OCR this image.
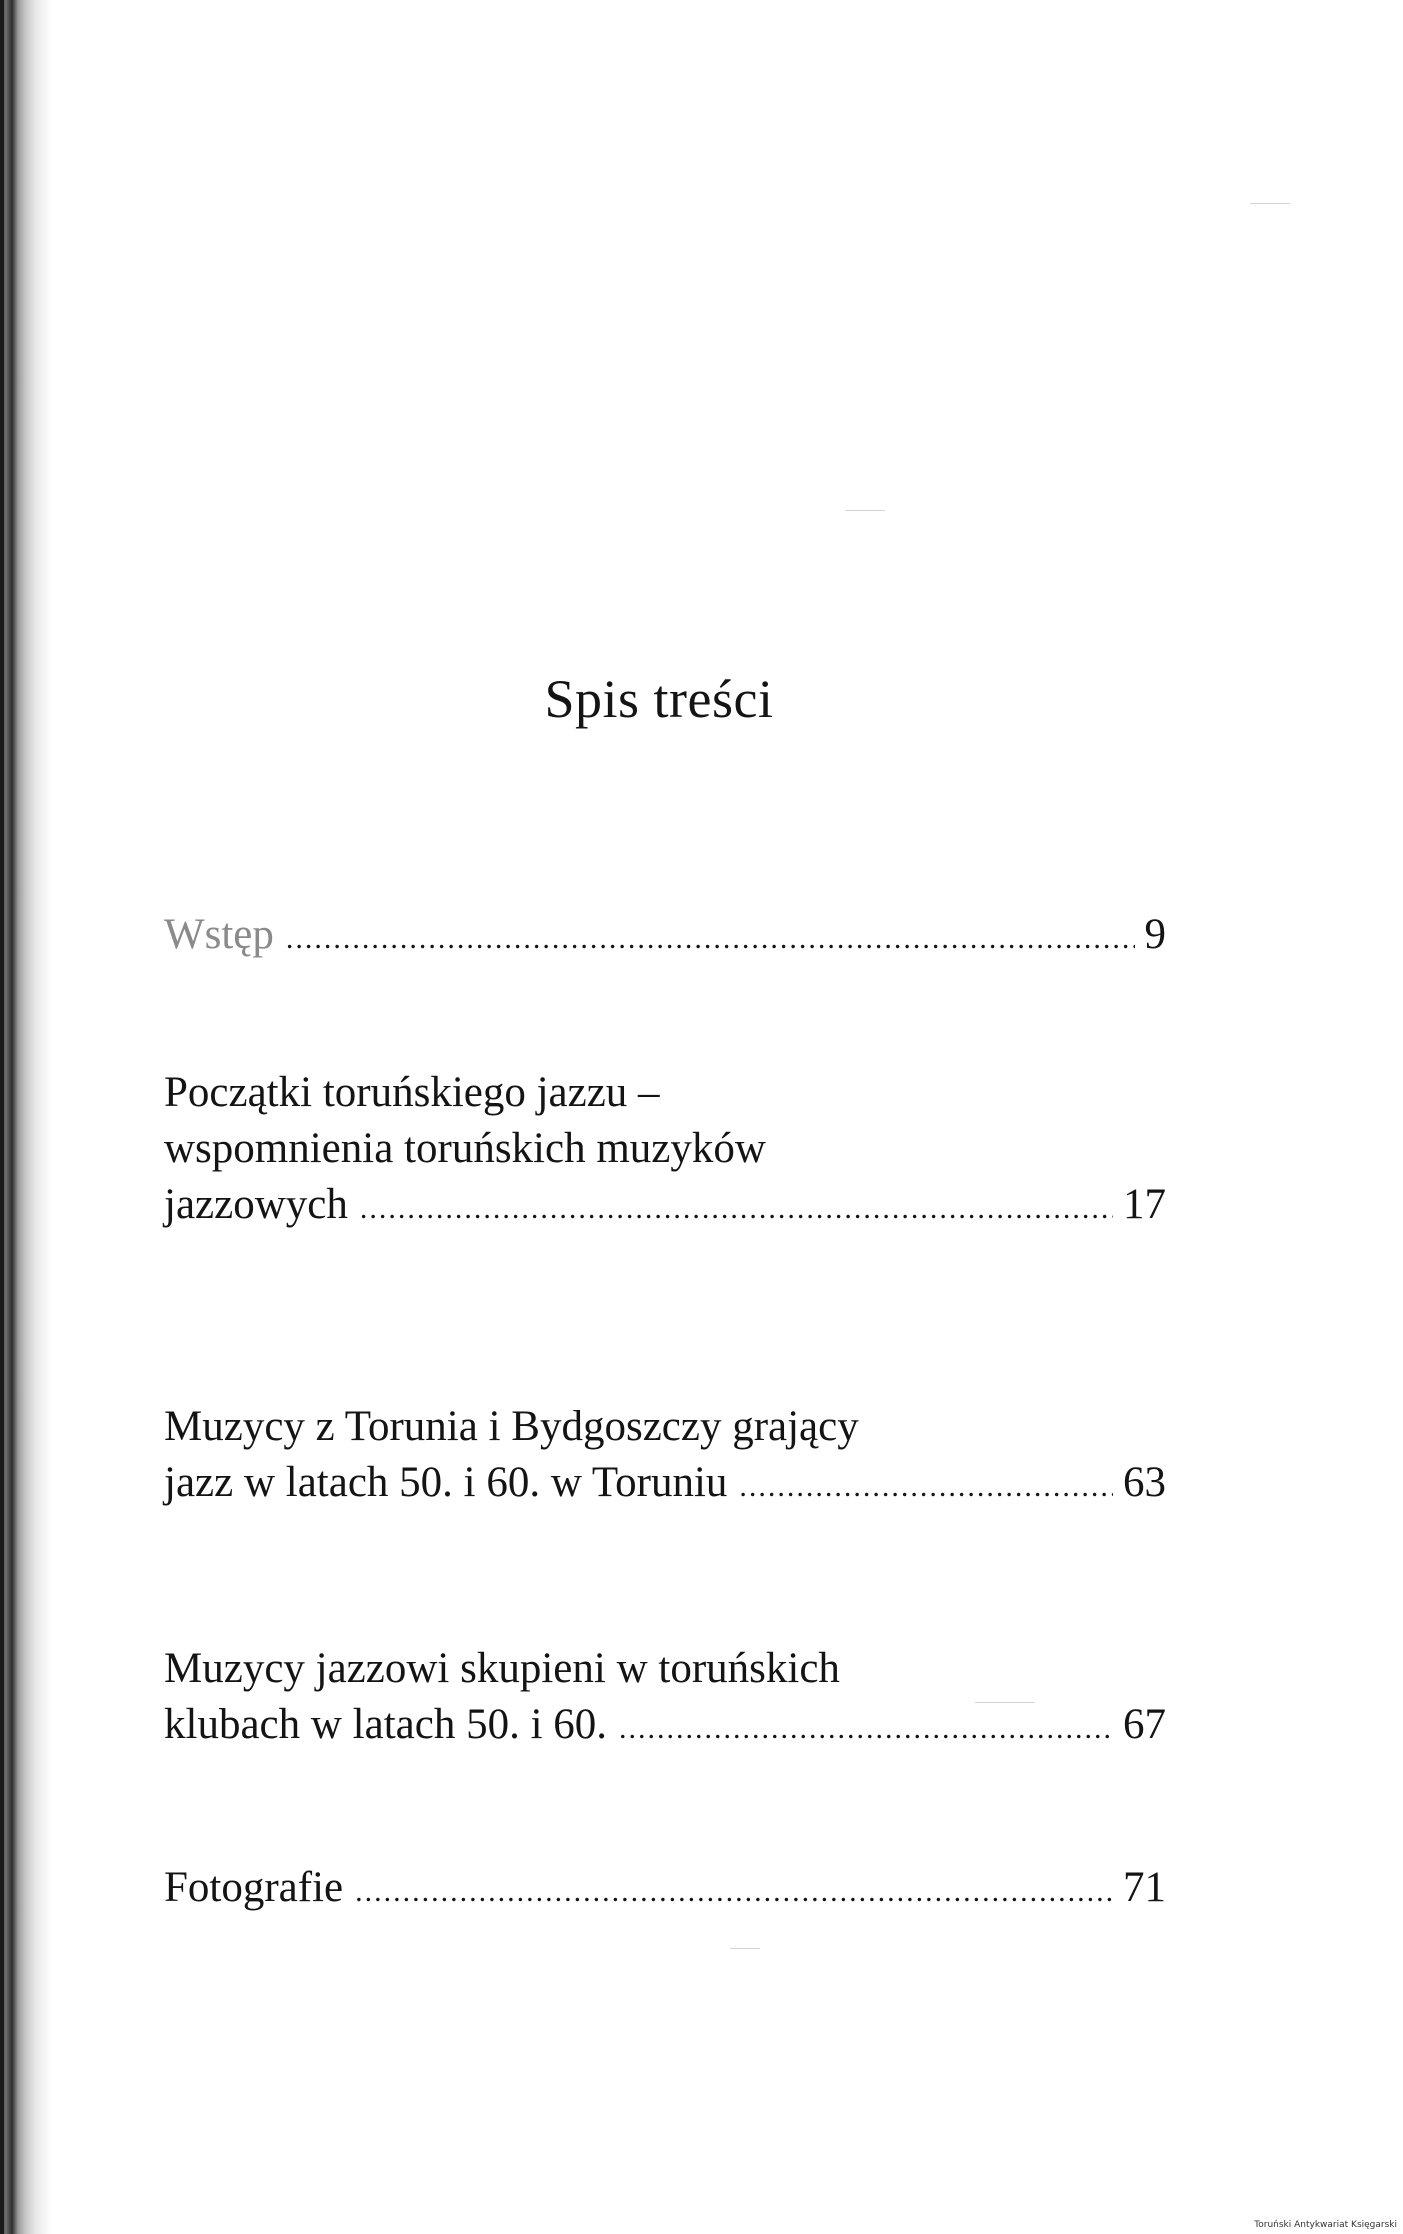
Spis treści
Wstęp .....	9
Początki toruńskiego jazzu –
wspomnienia toruńskich muzyków
jazzowych .....	17
Muzycy z Torunia i Bydgoszczy grający
jazz w latach 50. i 60. w Toruniu .....	63
Muzycy jazzowi skupieni w toruńskich
klubach w latach 50. i 60. .....	67
Fotografie .....	71
Toruński Antykwariat Księgarski
